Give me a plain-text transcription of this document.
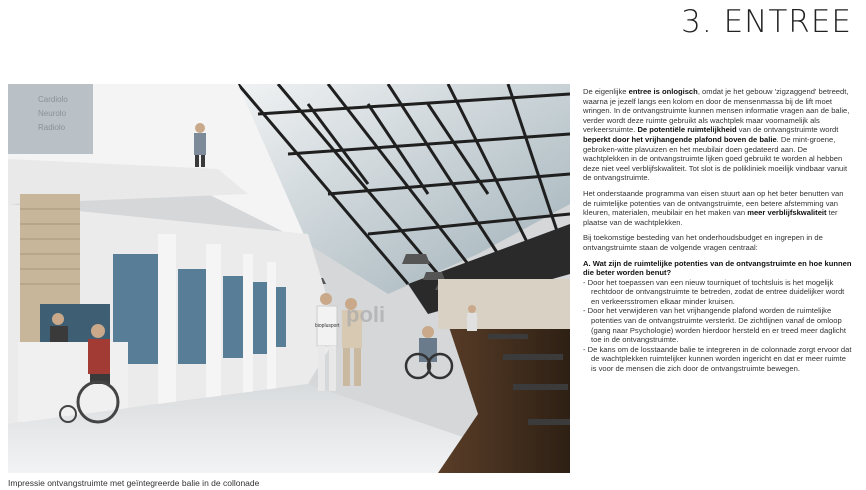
3. ENTREE
Cardiolo
Neurolo
Radiolo
bioplusport poli
Impressie ontvangstruimte met geïntegreerde balie in de collonade

De eigenlijke entree is onlogisch, omdat je het gebouw 'zigzaggend' betreedt, waarna je jezelf langs een kolom en door de mensenmassa bij de lift moet wringen. In de ontvangstruimte kunnen mensen informatie vragen aan de balie, verder wordt deze ruimte gebruikt als wachtplek maar voornamelijk als verkeersruimte. De potentiële ruimtelijkheid van de ontvangstruimte wordt beperkt door het vrijhangende plafond boven de balie. De mint-groene, gebroken-witte plavuizen en het meubilair doen gedateerd aan. De wachtplekken in de ontvangstruimte lijken goed gebruikt te worden al hebben deze niet veel verblijfskwaliteit. Tot slot is de polikliniek moeilijk vindbaar vanuit de ontvangstruimte.

Het onderstaande programma van eisen stuurt aan op het beter benutten van de ruimtelijke potenties van de ontvangstruimte, een betere afstemming van kleuren, materialen, meubilair en het maken van meer verblijfskwaliteit ter plaatse van de wachtplekken.

Bij toekomstige besteding van het onderhoudsbudget en ingrepen in de ontvangstruimte staan de volgende vragen centraal:

A. Wat zijn de ruimtelijke potenties van de ontvangstruimte en hoe kunnen die beter worden benut?
- Door het toepassen van een nieuw tourniquet of tochtsluis is het mogelijk rechtdoor de ontvangstruimte te betreden, zodat de entree duidelijker wordt en verkeersstromen elkaar minder kruisen.
- Door het verwijderen van het vrijhangende plafond worden de ruimtelijke potenties van de ontvangstruimte versterkt. De zichtlijnen vanaf de omloop (gang naar Psychologie) worden hierdoor hersteld en er treed meer daglicht toe in de ontvangstruimte.
- De kans om de losstaande balie te integreren in de colonnade zorgt ervoor dat de wachtplekken ruimtelijker kunnen worden ingericht en dat er meer ruimte is voor de mensen die zich door de ontvangstruimte bewegen.
